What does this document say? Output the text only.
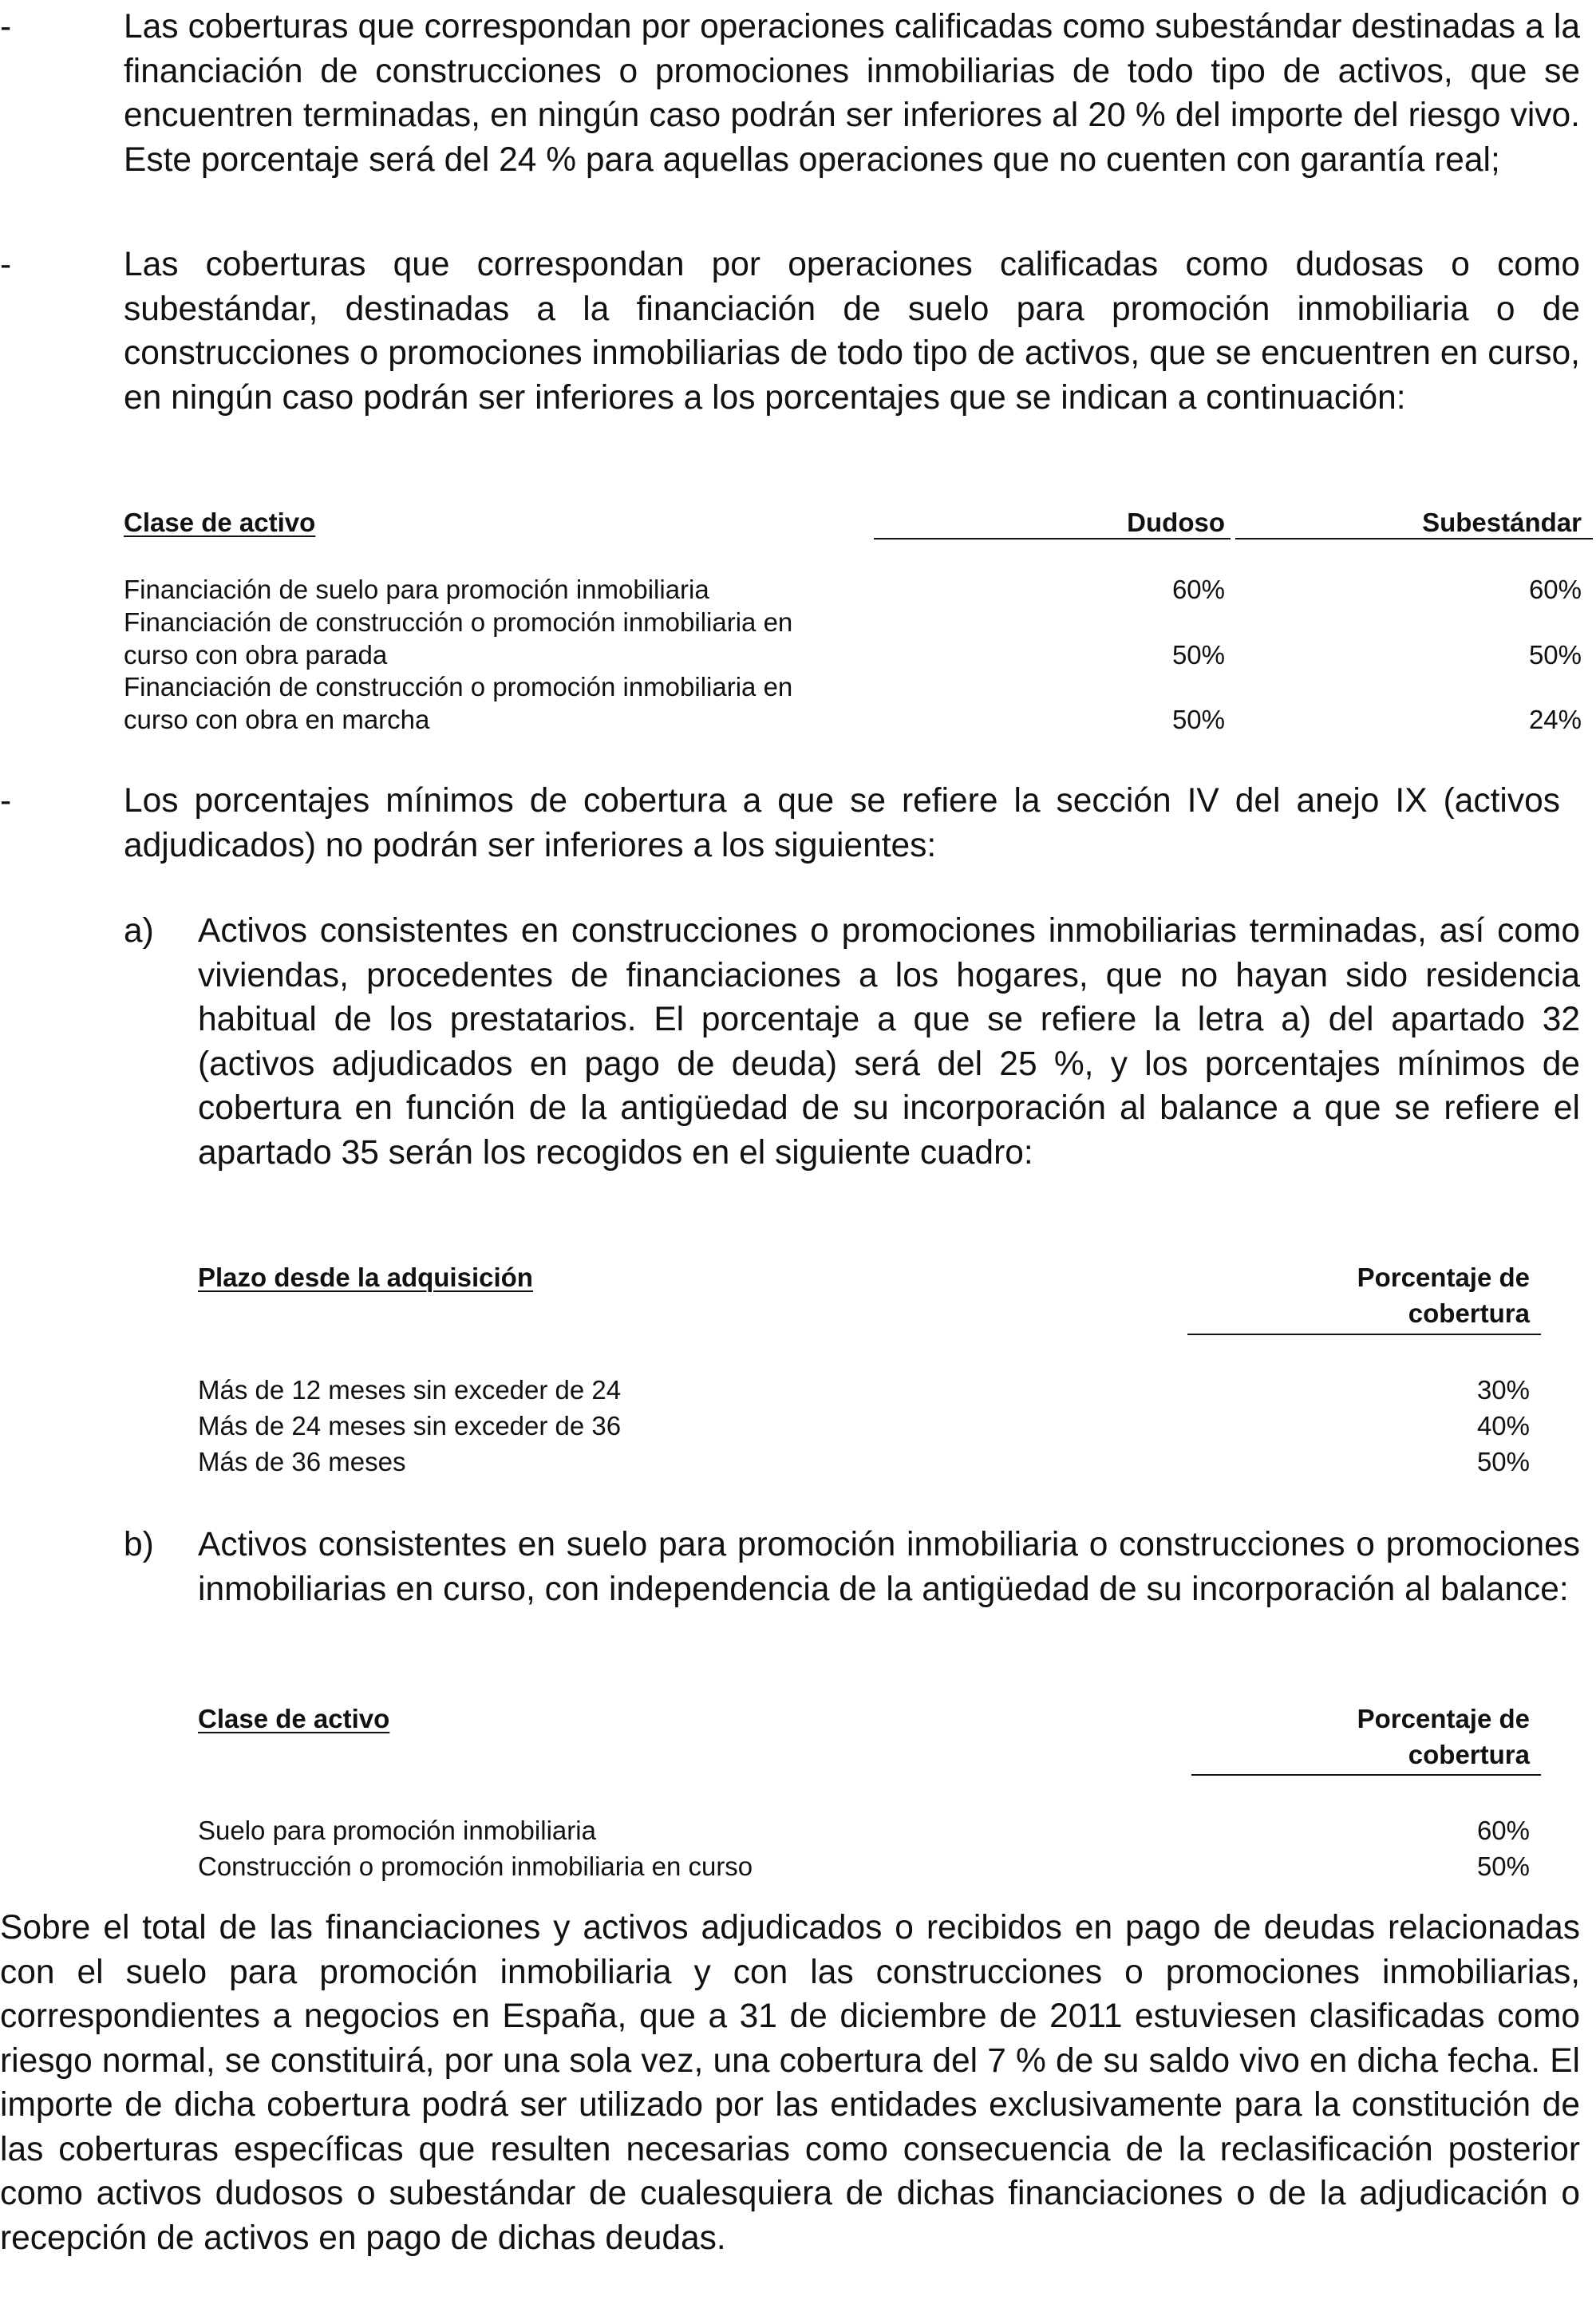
-	Las coberturas que correspondan por operaciones calificadas como subestándar destinadas a la financiación de construcciones o promociones inmobiliarias de todo tipo de activos, que se encuentren terminadas, en ningún caso podrán ser inferiores al 20 % del importe del riesgo vivo. Este porcentaje será del 24 % para aquellas operaciones que no cuenten con garantía real;

-	Las coberturas que correspondan por operaciones calificadas como dudosas o como subestándar, destinadas a la financiación de suelo para promoción inmobiliaria o de construcciones o promociones inmobiliarias de todo tipo de activos, que se encuentren en curso, en ningún caso podrán ser inferiores a los porcentajes que se indican a continuación:

Clase de activo	Dudoso	Subestándar
Financiación de suelo para promoción inmobiliaria	60%	60%
Financiación de construcción o promoción inmobiliaria en
curso con obra parada	50%	50%
Financiación de construcción o promoción inmobiliaria en
curso con obra en marcha	50%	24%
-	Los porcentajes mínimos de cobertura a que se refiere la sección IV del anejo IX (activos adjudicados) no podrán ser inferiores a los siguientes:

a) Activos consistentes en construcciones o promociones inmobiliarias terminadas, así como viviendas, procedentes de financiaciones a los hogares, que no hayan sido residencia habitual de los prestatarios. El porcentaje a que se refiere la letra a) del apartado 32 (activos adjudicados en pago de deuda) será del 25 %, y los porcentajes mínimos de cobertura en función de la antigüedad de su incorporación al balance a que se refiere el apartado 35 serán los recogidos en el siguiente cuadro:

Plazo desde la adquisición	Porcentaje de
cobertura
Más de 12 meses sin exceder de 24	30%
Más de 24 meses sin exceder de 36	40%
Más de 36 meses	50%
b) Activos consistentes en suelo para promoción inmobiliaria o construcciones o promociones inmobiliarias en curso, con independencia de la antigüedad de su incorporación al balance:

Clase de activo	Porcentaje de
cobertura
Suelo para promoción inmobiliaria	60%
Construcción o promoción inmobiliaria en curso	50%

Sobre el total de las financiaciones y activos adjudicados o recibidos en pago de deudas relacionadas con el suelo para promoción inmobiliaria y con las construcciones o promociones inmobiliarias, correspondientes a negocios en España, que a 31 de diciembre de 2011 estuviesen clasificadas como riesgo normal, se constituirá, por una sola vez, una cobertura del 7 % de su saldo vivo en dicha fecha. El importe de dicha cobertura podrá ser utilizado por las entidades exclusivamente para la constitución de las coberturas específicas que resulten necesarias como consecuencia de la reclasificación posterior como activos dudosos o subestándar de cualesquiera de dichas financiaciones o de la adjudicación o recepción de activos en pago de dichas deudas.
